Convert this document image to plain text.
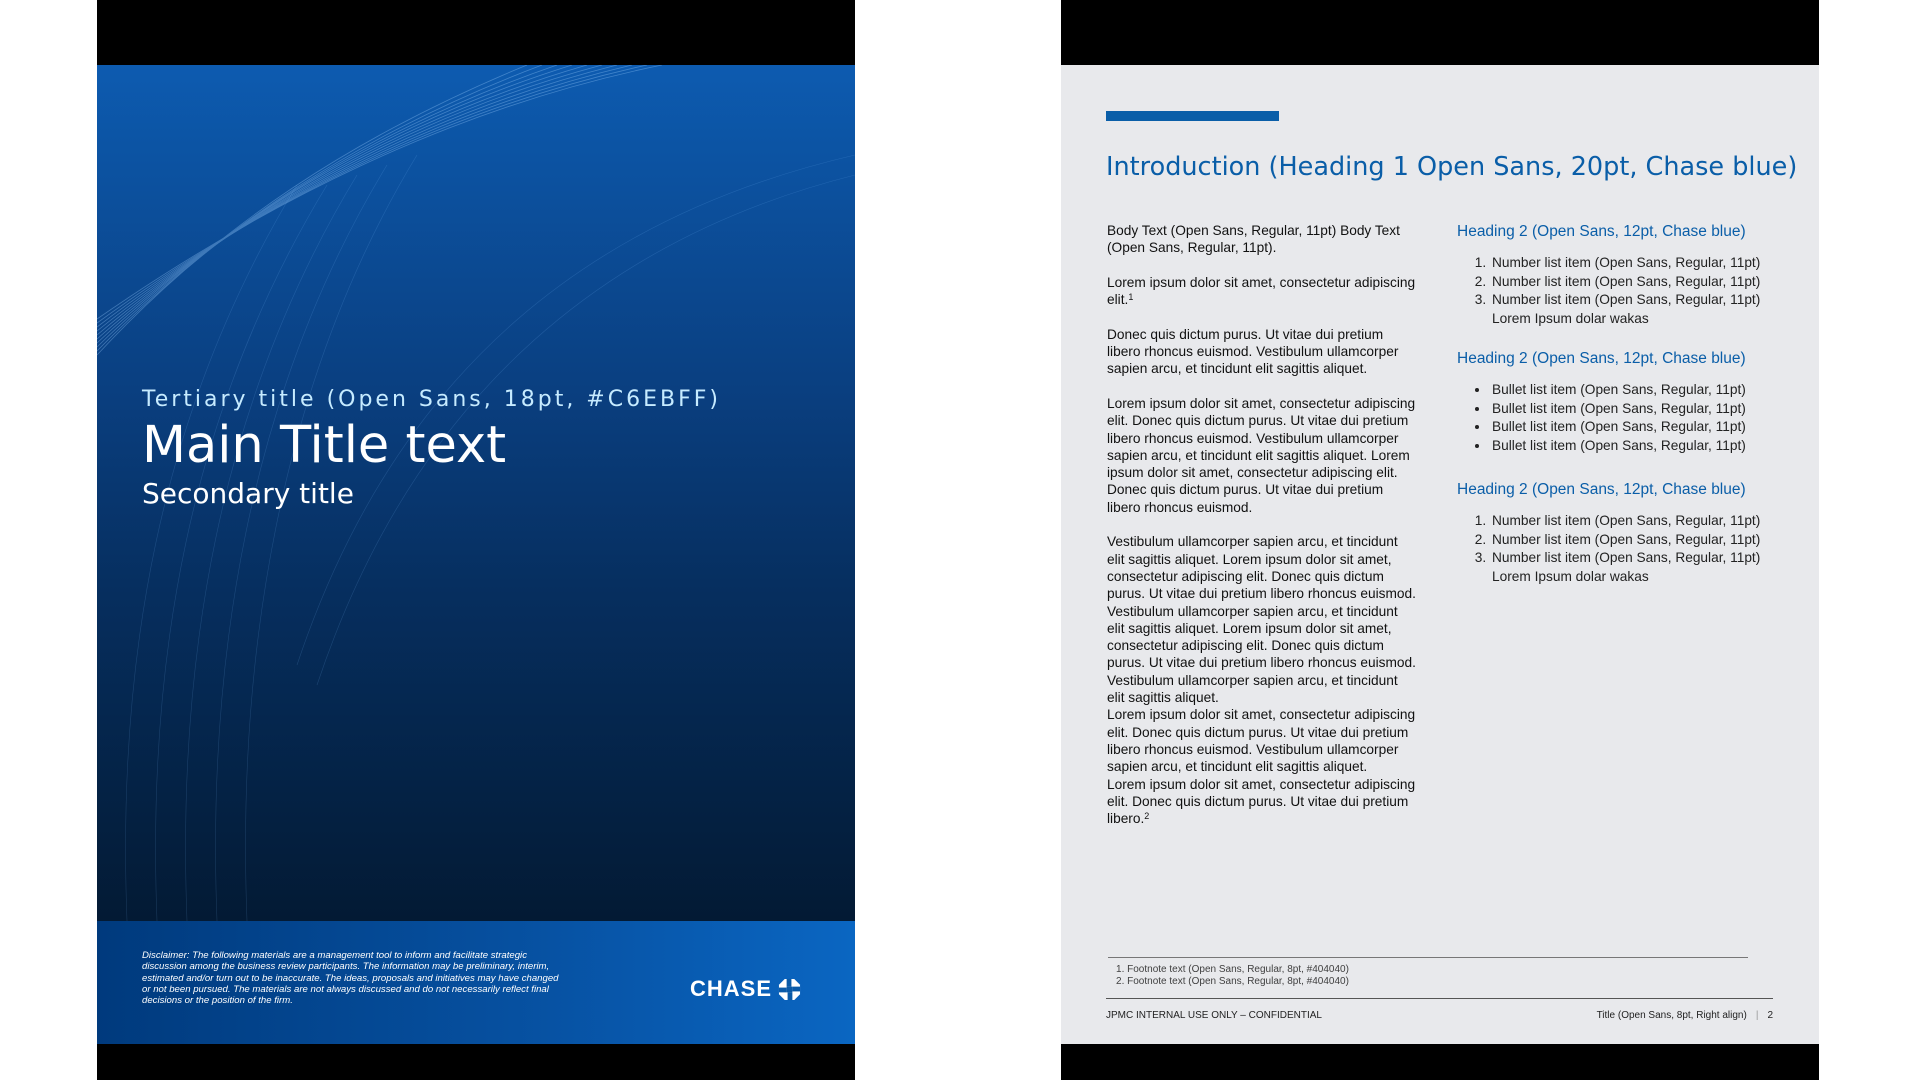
Tertiary title (Open Sans, 18pt, #C6EBFF)
Main Title text
Secondary title
Disclaimer: The following materials are a management tool to inform and facilitate strategic discussion among the business review participants. The information may be preliminary, interim, estimated and/or turn out to be inaccurate. The ideas, proposals and initiatives may have changed or not been pursued. The materials are not always discussed and do not necessarily reflect final decisions or the position of the firm.	CHASE
Introduction (Heading 1 Open Sans, 20pt, Chase blue)

Body Text (Open Sans, Regular, 11pt) Body Text (Open Sans, Regular, 11pt).

Lorem ipsum dolor sit amet, consectetur adipiscing elit.$^1$

Donec quis dictum purus. Ut vitae dui pretium libero rhoncus euismod. Vestibulum ullamcorper sapien arcu, et tincidunt elit sagittis aliquet.

Lorem ipsum dolor sit amet, consectetur adipiscing elit. Donec quis dictum purus. Ut vitae dui pretium libero rhoncus euismod. Vestibulum ullamcorper sapien arcu, et tincidunt elit sagittis aliquet. Lorem ipsum dolor sit amet, consectetur adipiscing elit. Donec quis dictum purus. Ut vitae dui pretium libero rhoncus euismod.

Vestibulum ullamcorper sapien arcu, et tincidunt elit sagittis aliquet. Lorem ipsum dolor sit amet, consectetur adipiscing elit. Donec quis dictum purus. Ut vitae dui pretium libero rhoncus euismod. Vestibulum ullamcorper sapien arcu, et tincidunt elit sagittis aliquet. Lorem ipsum dolor sit amet, consectetur adipiscing elit. Donec quis dictum purus. Ut vitae dui pretium libero rhoncus euismod. Vestibulum ullamcorper sapien arcu, et tincidunt elit sagittis aliquet.

Lorem ipsum dolor sit amet, consectetur adipiscing elit. Donec quis dictum purus. Ut vitae dui pretium libero rhoncus euismod. Vestibulum ullamcorper sapien arcu, et tincidunt elit sagittis aliquet.

Lorem ipsum dolor sit amet, consectetur adipiscing elit. Donec quis dictum purus. Ut vitae dui pretium libero.$^2$

Heading 2 (Open Sans, 12pt, Chase blue)
1. Number list item (Open Sans, Regular, 11pt)
2. Number list item (Open Sans, Regular, 11pt)
3. Number list item (Open Sans, Regular, 11pt)
Lorem Ipsum dolar wakas
Heading 2 (Open Sans, 12pt, Chase blue)
• Bullet list item (Open Sans, Regular, 11pt)
• Bullet list item (Open Sans, Regular, 11pt)
• Bullet list item (Open Sans, Regular, 11pt)
• Bullet list item (Open Sans, Regular, 11pt)
Heading 2 (Open Sans, 12pt, Chase blue)
1. Number list item (Open Sans, Regular, 11pt)
2. Number list item (Open Sans, Regular, 11pt)
3. Number list item (Open Sans, Regular, 11pt)
Lorem Ipsum dolar wakas
1. Footnote text (Open Sans, Regular, 8pt, #404040)
2. Footnote text (Open Sans, Regular, 8pt, #404040)
JPMC INTERNAL USE ONLY – CONFIDENTIAL	Title (Open Sans, 8pt, Right align) | 2
